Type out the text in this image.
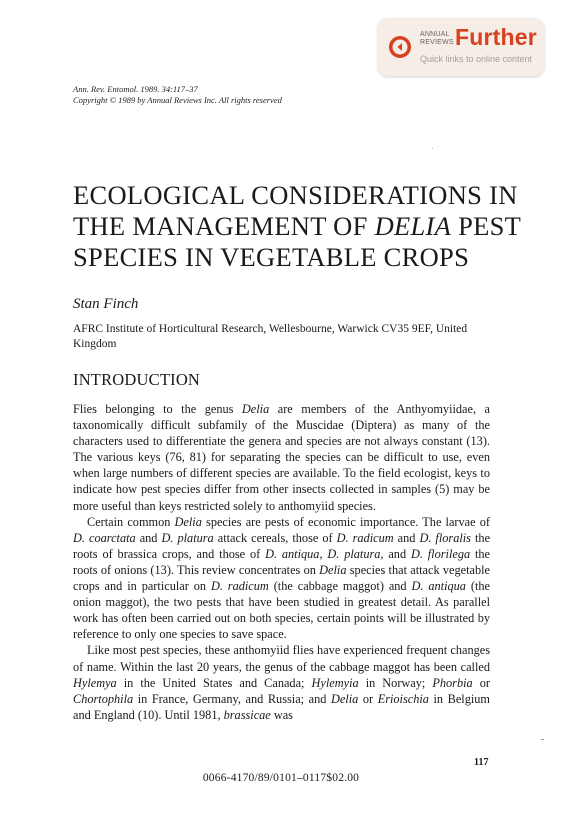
ANNUAL
REVIEWS Further
Quick links to online content
Ann. Rev. Entomol. 1989. 34:117–37
Copyright © 1989 by Annual Reviews Inc. All rights reserved
ECOLOGICAL CONSIDERATIONS IN
THE MANAGEMENT OF DELIA PEST
SPECIES IN VEGETABLE CROPS
Stan Finch
AFRC Institute of Horticultural Research, Wellesbourne, Warwick CV35 9EF, United Kingdom
INTRODUCTION

Flies belonging to the genus Delia are members of the Anthyomyiidae, a taxonomically difficult subfamily of the Muscidae (Diptera) as many of the characters used to differentiate the genera and species are not always constant (13). The various keys (76, 81) for separating the species can be difficult to use, even when large numbers of different species are available. To the field ecologist, keys to indicate how pest species differ from other insects collected in samples (5) may be more useful than keys restricted solely to anthomyiid species.

Certain common Delia species are pests of economic importance. The larvae of D. coarctata and D. platura attack cereals, those of D. radicum and D. floralis the roots of brassica crops, and those of D. antiqua, D. platura, and D. florilega the roots of onions (13). This review concentrates on Delia species that attack vegetable crops and in particular on D. radicum (the cabbage maggot) and D. antiqua (the onion maggot), the two pests that have been studied in greatest detail. As parallel work has often been carried out on both species, certain points will be illustrated by reference to only one species to save space.

Like most pest species, these anthomyiid flies have experienced frequent changes of name. Within the last 20 years, the genus of the cabbage maggot has been called Hylemya in the United States and Canada; Hylemyia in Norway; Phorbia or Chortophila in France, Germany, and Russia; and Delia or Erioischia in Belgium and England (10). Until 1981, brassicae was

117
0066-4170/89/0101–0117$02.00
